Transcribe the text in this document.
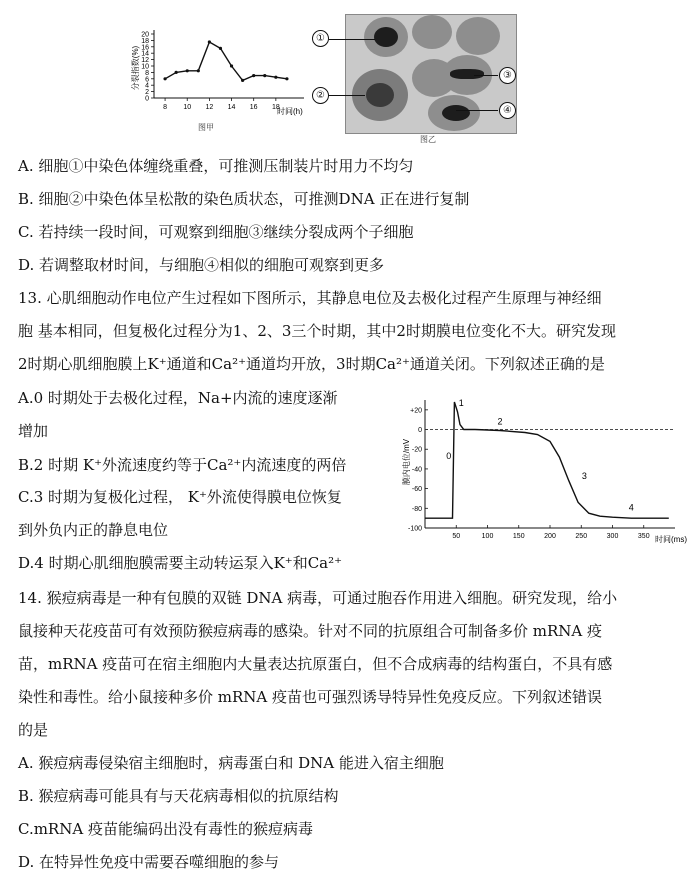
分裂指数(%)
0
2
4
6
8
10
12
14
16
18
20
8 10 12 14 16 18
时间(h)
图甲
①
②
③
④
图乙
A. 细胞①中染色体缠绕重叠，可推测压制装片时用力不均匀
B. 细胞②中染色体呈松散的染色质状态，可推测DNA 正在进行复制
C. 若持续一段时间，可观察到细胞③继续分裂成两个子细胞
D. 若调整取材时间，与细胞④相似的细胞可观察到更多
13. 心肌细胞动作电位产生过程如下图所示，其静息电位及去极化过程产生原理与神经细
胞 基本相同，但复极化过程分为1、2、3三个时期，其中2时期膜电位变化不大。研究发现
2时期心肌细胞膜上K⁺通道和Ca²⁺通道均开放，3时期Ca²⁺通道关闭。下列叙述正确的是
A.0 时期处于去极化过程，Na+内流的速度逐渐
增加
B.2 时期 K⁺外流速度约等于Ca²⁺内流速度的两倍
C.3 时期为复极化过程， K⁺外流使得膜电位恢复
到外负内正的静息电位
D.4 时期心肌细胞膜需要主动转运泵入K⁺和Ca²⁺
膜内电位/mV
+20
0
-20
-40
-60
-80
-100
50	100	150	200	250	300	350 时间(ms)
0
1
2
3
4
14. 猴痘病毒是一种有包膜的双链 DNA 病毒，可通过胞吞作用进入细胞。研究发现，给小
鼠接种天花疫苗可有效预防猴痘病毒的感染。针对不同的抗原组合可制备多价 mRNA 疫
苗，mRNA 疫苗可在宿主细胞内大量表达抗原蛋白，但不合成病毒的结构蛋白，不具有感
染性和毒性。给小鼠接种多价 mRNA 疫苗也可强烈诱导特异性免疫反应。下列叙述错误
的是
A. 猴痘病毒侵染宿主细胞时，病毒蛋白和 DNA 能进入宿主细胞
B. 猴痘病毒可能具有与天花病毒相似的抗原结构
C.mRNA 疫苗能编码出没有毒性的猴痘病毒
D. 在特异性免疫中需要吞噬细胞的参与
